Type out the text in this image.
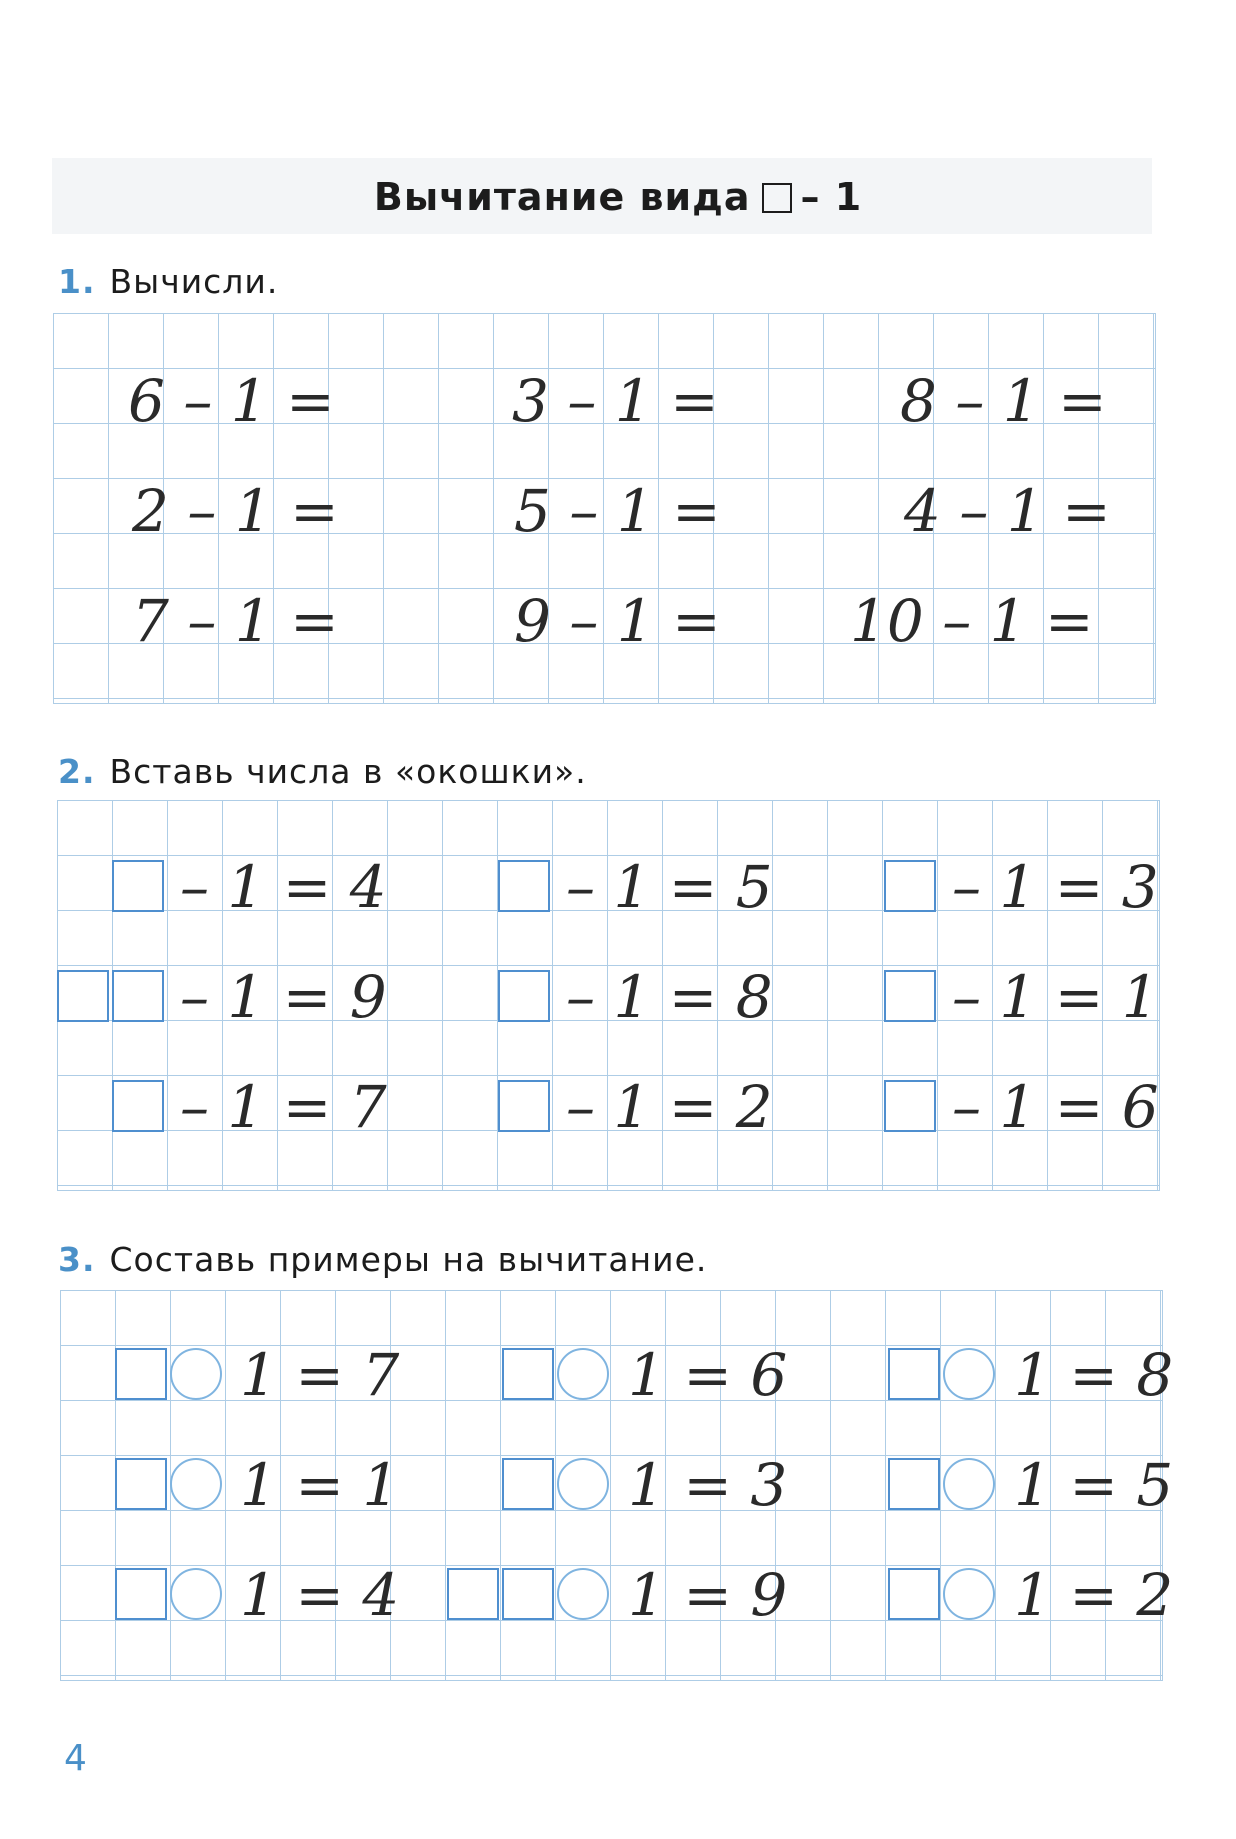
Вычитание вида – 1
1. Вычисли.
6 – 1 =	3 – 1 =	8 – 1 =
2 – 1 =	5 – 1 =	4 – 1 =
7 – 1 =	9 – 1 = 10 – 1 =
2. Вставь числа в «окошки».
– 1 = 4	– 1 = 5	– 1 = 3
– 1 = 9	– 1 = 8	– 1 = 1
– 1 = 7	– 1 = 2	– 1 = 6
3. Составь примеры на вычитание.
1 = 7	1 = 6	1 = 8
1 = 1	1 = 3	1 = 5
1 = 4	1 = 9	1 = 2
4
